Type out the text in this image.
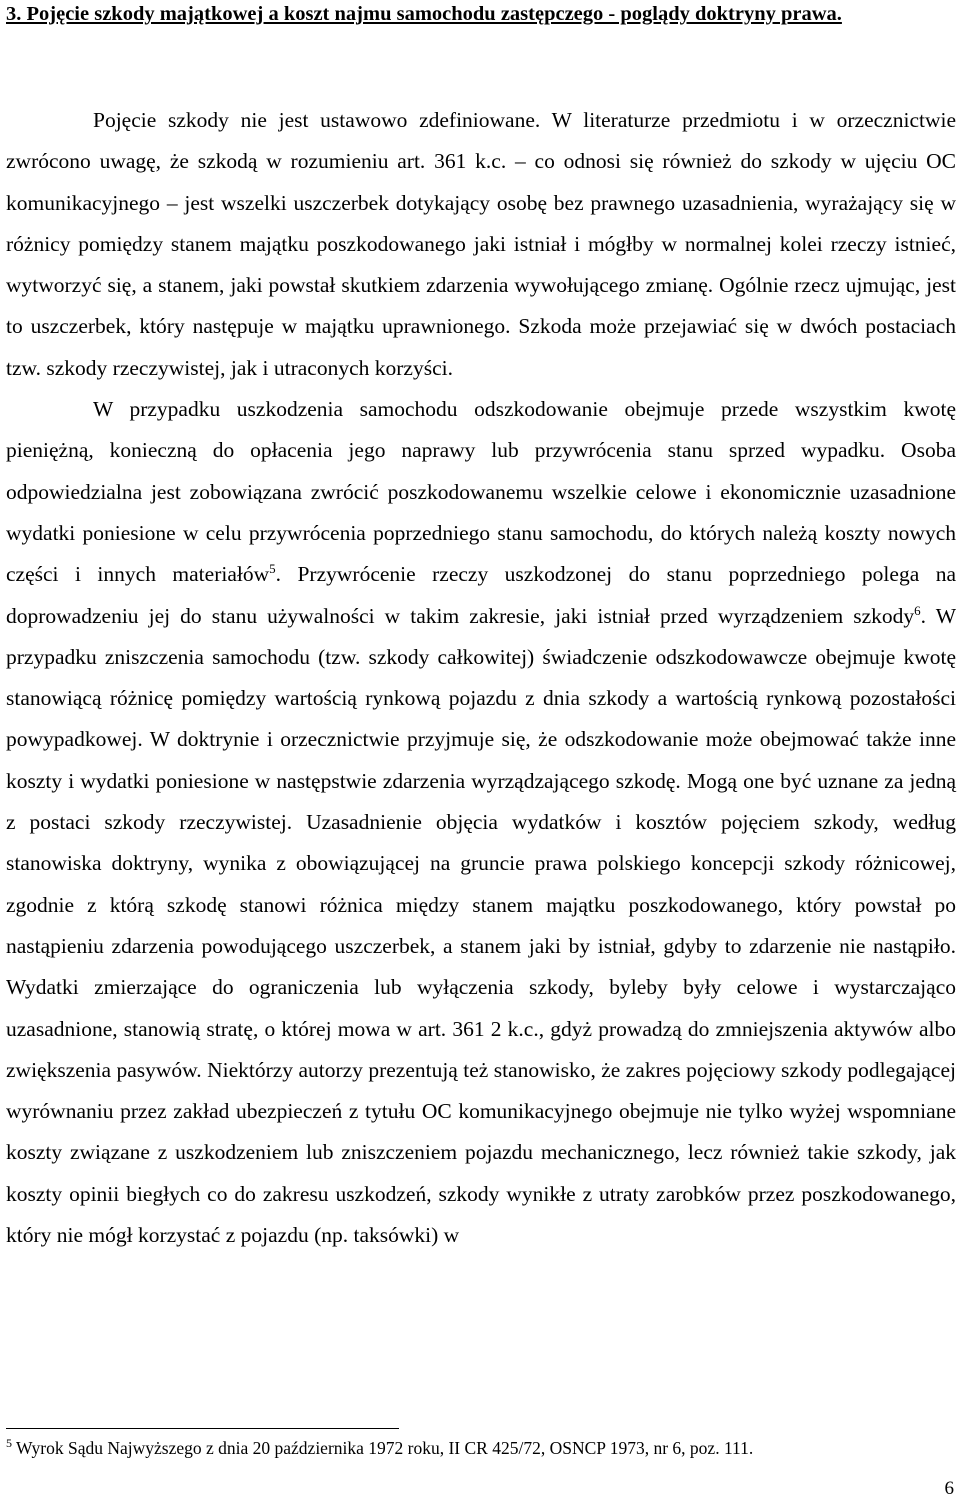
3. Pojęcie szkody majątkowej a koszt najmu samochodu zastępczego - poglądy doktryny prawa.

Pojęcie szkody nie jest ustawowo zdefiniowane. W literaturze przedmiotu i w orzecznictwie zwrócono uwagę, że szkodą w rozumieniu art. 361 k.c. – co odnosi się również do szkody w ujęciu OC komunikacyjnego – jest wszelki uszczerbek dotykający osobę bez prawnego uzasadnienia, wyrażający się w różnicy pomiędzy stanem majątku poszkodowanego jaki istniał i mógłby w normalnej kolei rzeczy istnieć, wytworzyć się, a stanem, jaki powstał skutkiem zdarzenia wywołującego zmianę. Ogólnie rzecz ujmując, jest to uszczerbek, który następuje w majątku uprawnionego. Szkoda może przejawiać się w dwóch postaciach tzw. szkody rzeczywistej, jak i utraconych korzyści.

W przypadku uszkodzenia samochodu odszkodowanie obejmuje przede wszystkim kwotę pieniężną, konieczną do opłacenia jego naprawy lub przywrócenia stanu sprzed wypadku. Osoba odpowiedzialna jest zobowiązana zwrócić poszkodowanemu wszelkie celowe i ekonomicznie uzasadnione wydatki poniesione w celu przywrócenia poprzedniego stanu samochodu, do których należą koszty nowych części i innych materiałów$^5$. Przywrócenie rzeczy uszkodzonej do stanu poprzedniego polega na doprowadzeniu jej do stanu używalności w takim zakresie, jaki istniał przed wyrządzeniem szkody$^6$. W przypadku zniszczenia samochodu (tzw. szkody całkowitej) świadczenie odszkodowawcze obejmuje kwotę stanowiącą różnicę pomiędzy wartością rynkową pojazdu z dnia szkody a wartością rynkową pozostałości powypadkowej. W doktrynie i orzecznictwie przyjmuje się, że odszkodowanie może obejmować także inne koszty i wydatki poniesione w następstwie zdarzenia wyrządzającego szkodę. Mogą one być uznane za jedną z postaci szkody rzeczywistej. Uzasadnienie objęcia wydatków i kosztów pojęciem szkody, według stanowiska doktryny, wynika z obowiązującej na gruncie prawa polskiego koncepcji szkody różnicowej, zgodnie z którą szkodę stanowi różnica między stanem majątku poszkodowanego, który powstał po nastąpieniu zdarzenia powodującego uszczerbek, a stanem jaki by istniał, gdyby to zdarzenie nie nastąpiło. Wydatki zmierzające do ograniczenia lub wyłączenia szkody, byleby były celowe i wystarczająco uzasadnione, stanowią stratę, o której mowa w art. 361 2 k.c., gdyż prowadzą do zmniejszenia aktywów albo zwiększenia pasywów. Niektórzy autorzy prezentują też stanowisko, że zakres pojęciowy szkody podlegającej wyrównaniu przez zakład ubezpieczeń z tytułu OC komunikacyjnego obejmuje nie tylko wyżej wspomniane koszty związane z uszkodzeniem lub zniszczeniem pojazdu mechanicznego, lecz również takie szkody, jak koszty opinii biegłych co do zakresu uszkodzeń, szkody wynikłe z utraty zarobków przez poszkodowanego, który nie mógł korzystać z pojazdu (np. taksówki) w

$^5$ Wyrok Sądu Najwyższego z dnia 20 października 1972 roku, II CR 425/72, OSNCP 1973, nr 6, poz. 111.
6
